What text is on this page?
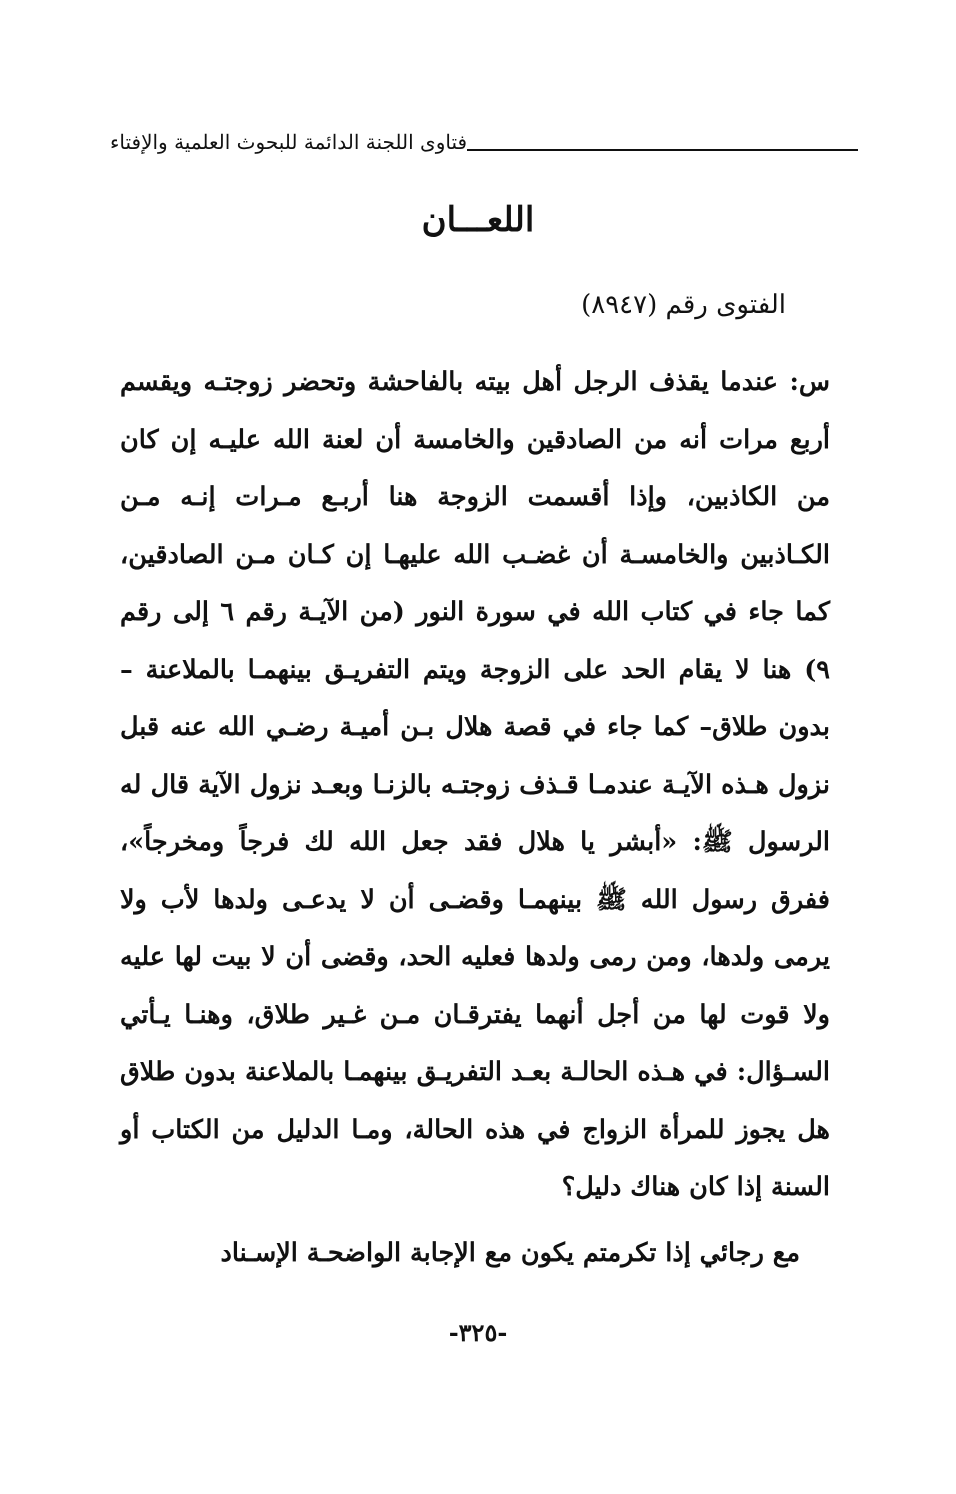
فتاوى اللجنة الدائمة للبحوث العلمية والإفتاء
اللعـــان
الفتوى رقم (٨٩٤٧)

س: عندما يقذف الرجل أهل بيته بالفاحشة وتحضر زوجتـه ويقسم أربع مرات أنه من الصادقين والخامسة أن لعنة الله عليـه إن كان من الكاذبين، وإذا أقسمت الزوجة هنا أربـع مـرات إنـه مـن الكـاذبين والخامسـة أن غضـب الله عليهـا إن كـان مـن الصادقين، كما جاء في كتاب الله في سورة النور (من الآيـة رقم ٦ إلى رقم ٩) هنا لا يقام الحد على الزوجة ويتم التفريـق بينهمـا بالملاعنة –بدون طلاق– كما جاء في قصة هلال بـن أميـة رضـي الله عنه قبل نزول هـذه الآيـة عندمـا قـذف زوجتـه بالزنـا وبعـد نزول الآية قال له الرسول ﷺ: «أبشر يا هلال فقد جعل الله لك فرجاً ومخرجاً»، ففرق رسول الله ﷺ بينهمـا وقضـى أن لا يدعـى ولدها لأب ولا يرمى ولدها، ومن رمى ولدها فعليه الحد، وقضى أن لا بيت لها عليه ولا قوت لها من أجل أنهما يفترقـان مـن غـير طلاق، وهنـا يـأتي السـؤال: في هـذه الحالـة بعـد التفريـق بينهمـا بالملاعنة بدون طلاق هل يجوز للمرأة الزواج في هذه الحالة، ومـا الدليل من الكتاب أو السنة إذا كان هناك دليل؟

مع رجائي إذا تكرمتم يكون مع الإجابة الواضحـة الإسـناد

-٣٢٥-
